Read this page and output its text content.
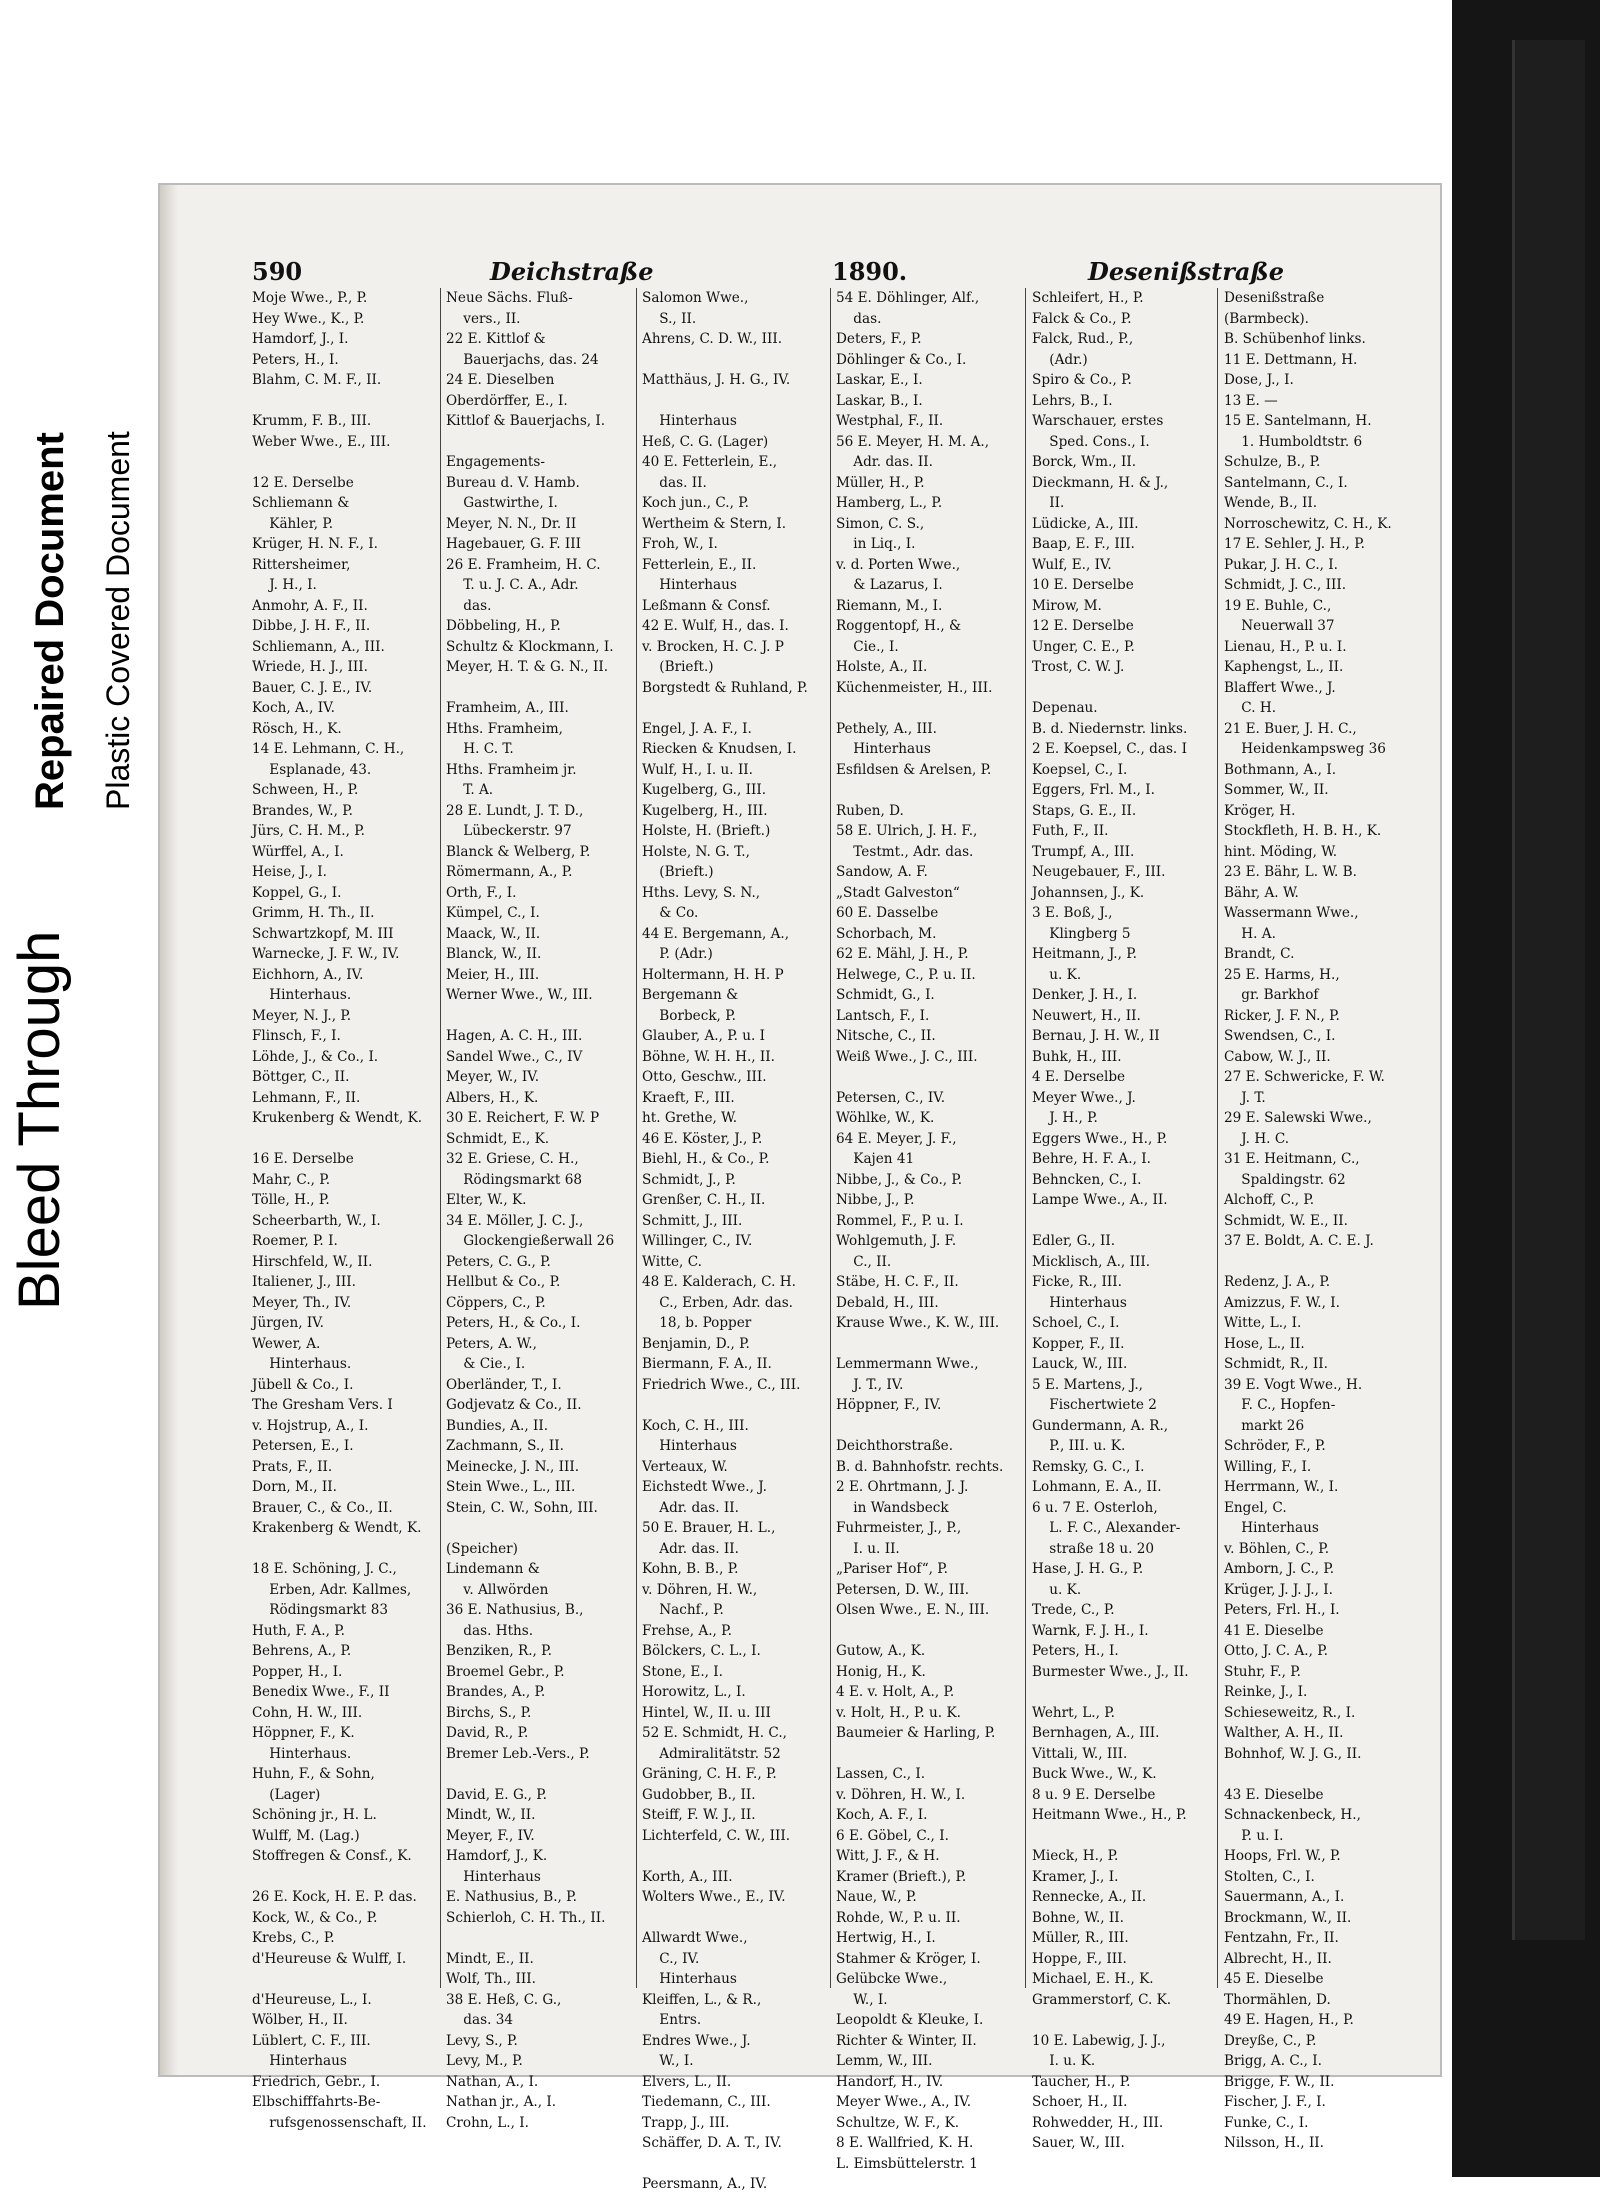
Bleed Through
Repaired Document Plastic Covered Document
590	Deichstraße	1890.	Desenißstraße

Moje Wwe., P., P.

Hey Wwe., K., P.

Hamdorf, J., I.

Peters, H., I.

Blahm, C. M. F., II.

Krumm, F. B., III.

Weber Wwe., E., III.

12 E. Derselbe

Schliemann &

Kähler, P.

Krüger, H. N. F., I.

Rittersheimer,

J. H., I.

Anmohr, A. F., II.

Dibbe, J. H. F., II.

Schliemann, A., III.

Wriede, H. J., III.

Bauer, C. J. E., IV.

Koch, A., IV.

Rösch, H., K.

14 E. Lehmann, C. H.,

Esplanade, 43.

Schween, H., P.

Brandes, W., P.

Jürs, C. H. M., P.

Würffel, A., I.

Heise, J., I.

Koppel, G., I.

Grimm, H. Th., II.

Schwartzkopf, M. III

Warnecke, J. F. W., IV.

Eichhorn, A., IV.

Hinterhaus.

Meyer, N. J., P.

Flinsch, F., I.

Löhde, J., & Co., I.

Böttger, C., II.

Lehmann, F., II.

Krukenberg & Wendt, K.

16 E. Derselbe

Mahr, C., P.

Tölle, H., P.

Scheerbarth, W., I.

Roemer, P. I.

Hirschfeld, W., II.

Italiener, J., III.

Meyer, Th., IV.

Jürgen, IV.

Wewer, A.

Hinterhaus.

Jübell & Co., I.

The Gresham Vers. I

v. Hojstrup, A., I.

Petersen, E., I.

Prats, F., II.

Dorn, M., II.

Brauer, C., & Co., II.

Krakenberg & Wendt, K.

18 E. Schöning, J. C.,

Erben, Adr. Kallmes,

Rödingsmarkt 83

Huth, F. A., P.

Behrens, A., P.

Popper, H., I.

Benedix Wwe., F., II

Cohn, H. W., III.

Höppner, F., K.

Hinterhaus.

Huhn, F., & Sohn,

(Lager)

Schöning jr., H. L.

Wulff, M. (Lag.)

Stoffregen & Consf., K.

26 E. Kock, H. E. P. das.

Kock, W., & Co., P.

Krebs, C., P.

d'Heureuse & Wulff, I.

d'Heureuse, L., I.

Wölber, H., II.

Lüblert, C. F., III.

Hinterhaus

Friedrich, Gebr., I.

Elbschifffahrts-Be-

rufsgenossenschaft, II.

Neue Sächs. Fluß-

vers., II.

22 E. Kittlof &

Bauerjachs, das. 24

24 E. Dieselben

Oberdörffer, E., I.

Kittlof & Bauerjachs, I.

Engagements-

Bureau d. V. Hamb.

Gastwirthe, I.

Meyer, N. N., Dr. II

Hagebauer, G. F. III

26 E. Framheim, H. C.

T. u. J. C. A., Adr.

das.

Döbbeling, H., P.

Schultz & Klockmann, I.

Meyer, H. T. & G. N., II.

Framheim, A., III.

Hths. Framheim,

H. C. T.

Hths. Framheim jr.

T. A.

28 E. Lundt, J. T. D.,

Lübeckerstr. 97

Blanck & Welberg, P.

Römermann, A., P.

Orth, F., I.

Kümpel, C., I.

Maack, W., II.

Blanck, W., II.

Meier, H., III.

Werner Wwe., W., III.

Hagen, A. C. H., III.

Sandel Wwe., C., IV

Meyer, W., IV.

Albers, H., K.

30 E. Reichert, F. W. P

Schmidt, E., K.

32 E. Griese, C. H.,

Rödingsmarkt 68

Elter, W., K.

34 E. Möller, J. C. J.,

Glockengießerwall 26

Peters, C. G., P.

Hellbut & Co., P.

Cöppers, C., P.

Peters, H., & Co., I.

Peters, A. W.,

& Cie., I.

Oberländer, T., I.

Godjevatz & Co., II.

Bundies, A., II.

Zachmann, S., II.

Meinecke, J. N., III.

Stein Wwe., L., III.

Stein, C. W., Sohn, III.

(Speicher)

Lindemann &

v. Allwörden

36 E. Nathusius, B.,

das. Hths.

Benziken, R., P.

Broemel Gebr., P.

Brandes, A., P.

Birchs, S., P.

David, R., P.

Bremer Leb.-Vers., P.

David, E. G., P.

Mindt, W., II.

Meyer, F., IV.

Hamdorf, J., K.

Hinterhaus

E. Nathusius, B., P.

Schierloh, C. H. Th., II.

Mindt, E., II.

Wolf, Th., III.

38 E. Heß, C. G.,

das. 34

Levy, S., P.

Levy, M., P.

Nathan, A., I.

Nathan jr., A., I.

Crohn, L., I.

Salomon Wwe.,

S., II.

Ahrens, C. D. W., III.

Matthäus, J. H. G., IV.

Hinterhaus

Heß, C. G. (Lager)

40 E. Fetterlein, E.,

das. II.

Koch jun., C., P.

Wertheim & Stern, I.

Froh, W., I.

Fetterlein, E., II.

Hinterhaus

Leßmann & Consf.

42 E. Wulf, H., das. I.

v. Brocken, H. C. J. P

(Brieft.)

Borgstedt & Ruhland, P.

Engel, J. A. F., I.

Riecken & Knudsen, I.

Wulf, H., I. u. II.

Kugelberg, G., III.

Kugelberg, H., III.

Holste, H. (Brieft.)

Holste, N. G. T.,

(Brieft.)

Hths. Levy, S. N.,

& Co.

44 E. Bergemann, A.,

P. (Adr.)

Holtermann, H. H. P

Bergemann &

Borbeck, P.

Glauber, A., P. u. I

Böhne, W. H. H., II.

Otto, Geschw., III.

Kraeft, F., III.

ht. Grethe, W.

46 E. Köster, J., P.

Biehl, H., & Co., P.

Schmidt, J., P.

Grenßer, C. H., II.

Schmitt, J., III.

Willinger, C., IV.

Witte, C.

48 E. Kalderach, C. H.

C., Erben, Adr. das.

18, b. Popper

Benjamin, D., P.

Biermann, F. A., II.

Friedrich Wwe., C., III.

Koch, C. H., III.

Hinterhaus

Verteaux, W.

Eichstedt Wwe., J.

Adr. das. II.

50 E. Brauer, H. L.,

Adr. das. II.

Kohn, B. B., P.

v. Döhren, H. W.,

Nachf., P.

Frehse, A., P.

Bölckers, C. L., I.

Stone, E., I.

Horowitz, L., I.

Hintel, W., II. u. III

52 E. Schmidt, H. C.,

Admiralitätstr. 52

Gräning, C. H. F., P.

Gudobber, B., II.

Steiff, F. W. J., II.

Lichterfeld, C. W., III.

Korth, A., III.

Wolters Wwe., E., IV.

Allwardt Wwe.,

C., IV.

Hinterhaus

Kleiffen, L., & R.,

Entrs.

Endres Wwe., J.

W., I.

Elvers, L., II.

Tiedemann, C., III.

Trapp, J., III.

Schäffer, D. A. T., IV.

Peersmann, A., IV.

54 E. Döhlinger, Alf.,

das.

Deters, F., P.

Döhlinger & Co., I.

Laskar, E., I.

Laskar, B., I.

Westphal, F., II.

56 E. Meyer, H. M. A.,

Adr. das. II.

Müller, H., P.

Hamberg, L., P.

Simon, C. S.,

in Liq., I.

v. d. Porten Wwe.,

& Lazarus, I.

Riemann, M., I.

Roggentopf, H., &

Cie., I.

Holste, A., II.

Küchenmeister, H., III.

Pethely, A., III.

Hinterhaus

Esfildsen & Arelsen, P.

Ruben, D.

58 E. Ulrich, J. H. F.,

Testmt., Adr. das.

Sandow, A. F.

„Stadt Galveston“

60 E. Dasselbe

Schorbach, M.

62 E. Mähl, J. H., P.

Helwege, C., P. u. II.

Schmidt, G., I.

Lantsch, F., I.

Nitsche, C., II.

Weiß Wwe., J. C., III.

Petersen, C., IV.

Wöhlke, W., K.

64 E. Meyer, J. F.,

Kajen 41

Nibbe, J., & Co., P.

Nibbe, J., P.

Rommel, F., P. u. I.

Wohlgemuth, J. F.

C., II.

Stäbe, H. C. F., II.

Debald, H., III.

Krause Wwe., K. W., III.

Lemmermann Wwe.,

J. T., IV.

Höppner, F., IV.

Deichthorstraße.

B. d. Bahnhofstr. rechts.

2 E. Ohrtmann, J. J.

in Wandsbeck

Fuhrmeister, J., P.,

I. u. II.

„Pariser Hof“, P.

Petersen, D. W., III.

Olsen Wwe., E. N., III.

Gutow, A., K.

Honig, H., K.

4 E. v. Holt, A., P.

v. Holt, H., P. u. K.

Baumeier & Harling, P.

Lassen, C., I.

v. Döhren, H. W., I.

Koch, A. F., I.

6 E. Göbel, C., I.

Witt, J. F., & H.

Kramer (Brieft.), P.

Naue, W., P.

Rohde, W., P. u. II.

Hertwig, H., I.

Stahmer & Kröger, I.

Gelübcke Wwe.,

W., I.

Leopoldt & Kleuke, I.

Richter & Winter, II.

Lemm, W., III.

Handorf, H., IV.

Meyer Wwe., A., IV.

Schultze, W. F., K.

8 E. Wallfried, K. H.

L. Eimsbüttelerstr. 1

Schleifert, H., P.

Falck & Co., P.

Falck, Rud., P.,

(Adr.)

Spiro & Co., P.

Lehrs, B., I.

Warschauer, erstes

Sped. Cons., I.

Borck, Wm., II.

Dieckmann, H. & J.,

II.

Lüdicke, A., III.

Baap, E. F., III.

Wulf, E., IV.

10 E. Derselbe

Mirow, M.

12 E. Derselbe

Unger, C. E., P.

Trost, C. W. J.

Depenau.

B. d. Niedernstr. links.

2 E. Koepsel, C., das. I

Koepsel, C., I.

Eggers, Frl. M., I.

Staps, G. E., II.

Futh, F., II.

Trumpf, A., III.

Neugebauer, F., III.

Johannsen, J., K.

3 E. Boß, J.,

Klingberg 5

Heitmann, J., P.

u. K.

Denker, J. H., I.

Neuwert, H., II.

Bernau, J. H. W., II

Buhk, H., III.

4 E. Derselbe

Meyer Wwe., J.

J. H., P.

Eggers Wwe., H., P.

Behre, H. F. A., I.

Behncken, C., I.

Lampe Wwe., A., II.

Edler, G., II.

Micklisch, A., III.

Ficke, R., III.

Hinterhaus

Schoel, C., I.

Kopper, F., II.

Lauck, W., III.

5 E. Martens, J.,

Fischertwiete 2

Gundermann, A. R.,

P., III. u. K.

Remsky, G. C., I.

Lohmann, E. A., II.

6 u. 7 E. Osterloh,

L. F. C., Alexander-

straße 18 u. 20

Hase, J. H. G., P.

u. K.

Trede, C., P.

Warnk, F. J. H., I.

Peters, H., I.

Burmester Wwe., J., II.

Wehrt, L., P.

Bernhagen, A., III.

Vittali, W., III.

Buck Wwe., W., K.

8 u. 9 E. Derselbe

Heitmann Wwe., H., P.

Mieck, H., P.

Kramer, J., I.

Rennecke, A., II.

Bohne, W., II.

Müller, R., III.

Hoppe, F., III.

Michael, E. H., K.

Grammerstorf, C. K.

10 E. Labewig, J. J.,

I. u. K.

Taucher, H., P.

Schoer, H., II.

Rohwedder, H., III.

Sauer, W., III.

Desenißstraße

(Barmbeck).

B. Schübenhof links.

11 E. Dettmann, H.

Dose, J., I.

13 E. —

15 E. Santelmann, H.

1. Humboldtstr. 6

Schulze, B., P.

Santelmann, C., I.

Wende, B., II.

Norroschewitz, C. H., K.

17 E. Sehler, J. H., P.

Pukar, J. H. C., I.

Schmidt, J. C., III.

19 E. Buhle, C.,

Neuerwall 37

Lienau, H., P. u. I.

Kaphengst, L., II.

Blaffert Wwe., J.

C. H.

21 E. Buer, J. H. C.,

Heidenkampsweg 36

Bothmann, A., I.

Sommer, W., II.

Kröger, H.

Stockfleth, H. B. H., K.

hint. Möding, W.

23 E. Bähr, L. W. B.

Bähr, A. W.

Wassermann Wwe.,

H. A.

Brandt, C.

25 E. Harms, H.,

gr. Barkhof

Ricker, J. F. N., P.

Swendsen, C., I.

Cabow, W. J., II.

27 E. Schwericke, F. W.

J. T.

29 E. Salewski Wwe.,

J. H. C.

31 E. Heitmann, C.,

Spaldingstr. 62

Alchoff, C., P.

Schmidt, W. E., II.

37 E. Boldt, A. C. E. J.

Redenz, J. A., P.

Amizzus, F. W., I.

Witte, L., I.

Hose, L., II.

Schmidt, R., II.

39 E. Vogt Wwe., H.

F. C., Hopfen-

markt 26

Schröder, F., P.

Willing, F., I.

Herrmann, W., I.

Engel, C.

Hinterhaus

v. Böhlen, C., P.

Amborn, J. C., P.

Krüger, J. J. J., I.

Peters, Frl. H., I.

41 E. Dieselbe

Otto, J. C. A., P.

Stuhr, F., P.

Reinke, J., I.

Schieseweitz, R., I.

Walther, A. H., II.

Bohnhof, W. J. G., II.

43 E. Dieselbe

Schnackenbeck, H.,

P. u. I.

Hoops, Frl. W., P.

Stolten, C., I.

Sauermann, A., I.

Brockmann, W., II.

Fentzahn, Fr., II.

Albrecht, H., II.

45 E. Dieselbe

Thormählen, D.

49 E. Hagen, H., P.

Dreyße, C., P.

Brigg, A. C., I.

Brigge, F. W., II.

Fischer, J. F., I.

Funke, C., I.

Nilsson, H., II.
